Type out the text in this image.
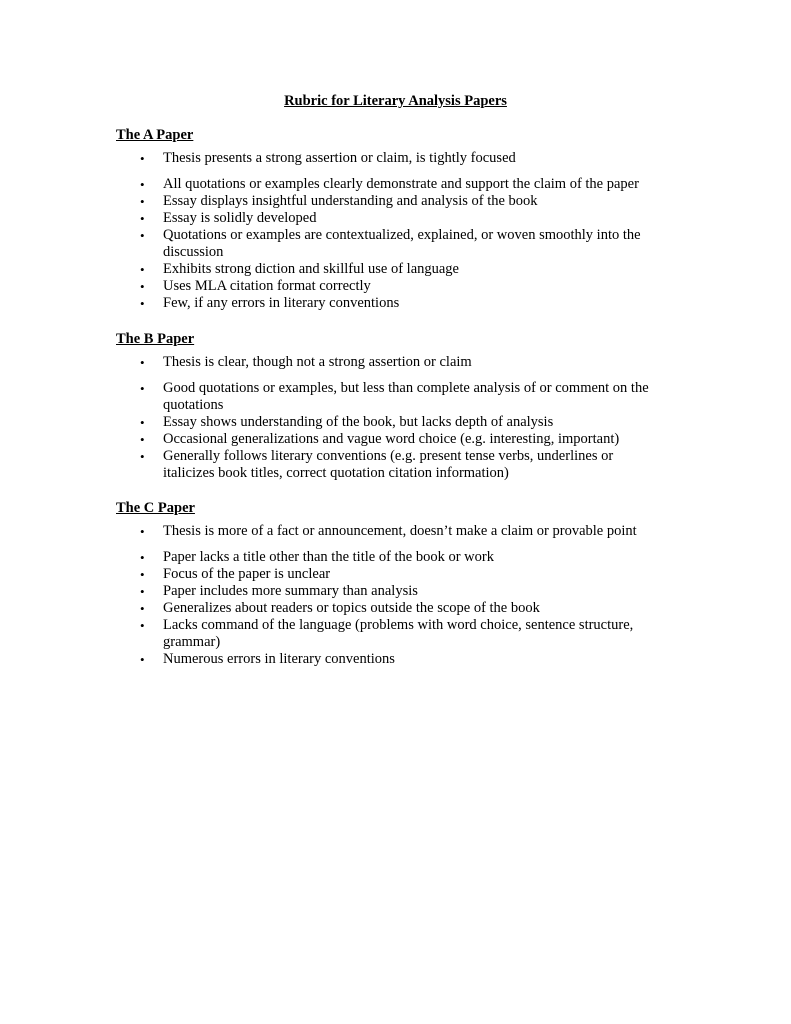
Rubric for Literary Analysis Papers
The A Paper
• Thesis presents a strong assertion or claim, is tightly focused
• All quotations or examples clearly demonstrate and support the claim of the paper
• Essay displays insightful understanding and analysis of the book
• Essay is solidly developed
• Quotations or examples are contextualized, explained, or woven smoothly into the discussion
• Exhibits strong diction and skillful use of language
• Uses MLA citation format correctly
• Few, if any errors in literary conventions
The B Paper
• Thesis is clear, though not a strong assertion or claim
• Good quotations or examples, but less than complete analysis of or comment on the quotations
• Essay shows understanding of the book, but lacks depth of analysis
• Occasional generalizations and vague word choice (e.g. interesting, important)
• Generally follows literary conventions (e.g. present tense verbs, underlines or italicizes book titles, correct quotation citation information)
The C Paper
• Thesis is more of a fact or announcement, doesn’t make a claim or provable point
• Paper lacks a title other than the title of the book or work
• Focus of the paper is unclear
• Paper includes more summary than analysis
• Generalizes about readers or topics outside the scope of the book
• Lacks command of the language (problems with word choice, sentence structure, grammar)
• Numerous errors in literary conventions
